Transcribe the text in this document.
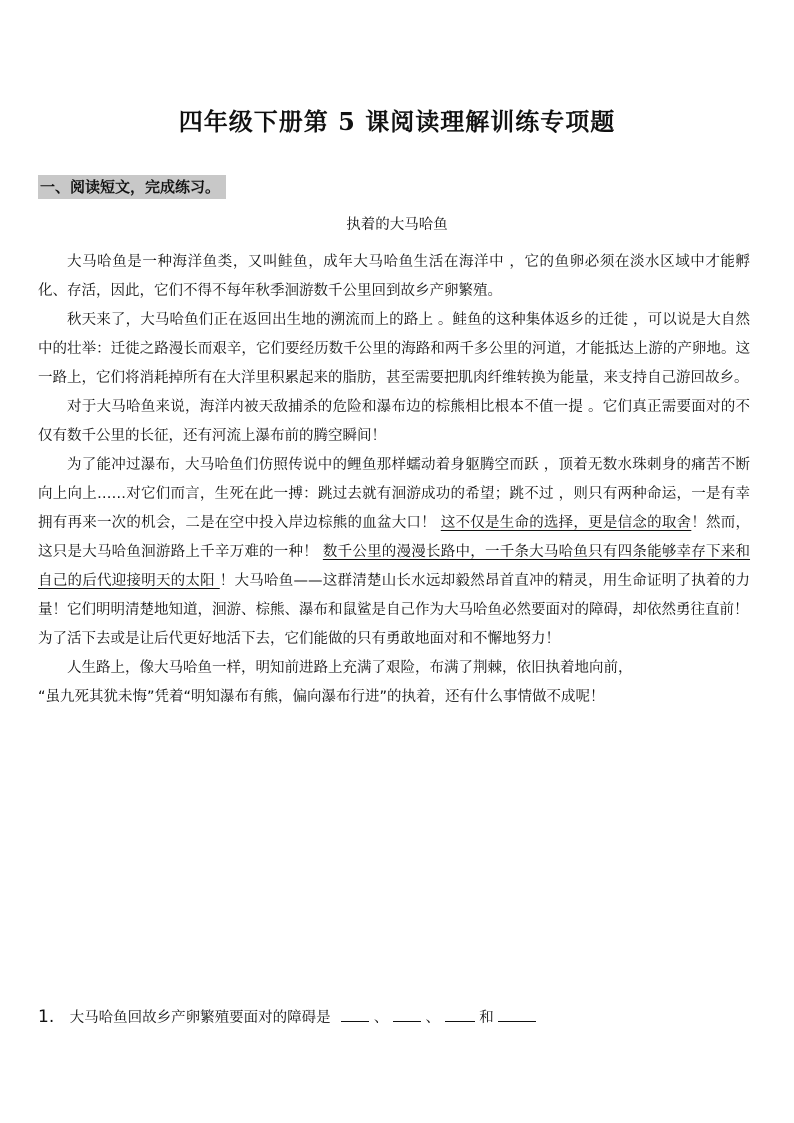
四年级下册第 5 课阅读理解训练专项题
一、阅读短文，完成练习。
执着的大马哈鱼

大马哈鱼是一种海洋鱼类，又叫鲑鱼，成年大马哈鱼生活在海洋中 ，它的鱼卵必须在淡水区域中才能孵化、存活，因此，它们不得不每年秋季洄游数千公里回到故乡产卵繁殖。

秋天来了，大马哈鱼们正在返回出生地的溯流而上的路上 。鲑鱼的这种集体返乡的迁徙 ，可以说是大自然中的壮举：迁徙之路漫长而艰辛，它们要经历数千公里的海路和两千多公里的河道，才能抵达上游的产卵地。这一路上，它们将消耗掉所有在大洋里积累起来的脂肪，甚至需要把肌肉纤维转换为能量，来支持自己游回故乡。

对于大马哈鱼来说，海洋内被天敌捕杀的危险和瀑布边的棕熊相比根本不值一提 。它们真正需要面对的不仅有数千公里的长征，还有河流上瀑布前的腾空瞬间！

为了能冲过瀑布，大马哈鱼们仿照传说中的鲤鱼那样蠕动着身躯腾空而跃 ，顶着无数水珠刺身的痛苦不断向上向上……对它们而言，生死在此一搏：跳过去就有洄游成功的希望；跳不过 ，则只有两种命运，一是有幸拥有再来一次的机会，二是在空中投入岸边棕熊的血盆大口！ 这不仅是生命的选择，更是信念的取舍！然而，这只是大马哈鱼洄游路上千辛万难的一种！ 数千公里的漫漫长路中，一千条大马哈鱼只有四条能够幸存下来和自己的后代迎接明天的太阳 ！大马哈鱼——这群清楚山长水远却毅然昂首直冲的精灵，用生命证明了执着的力量！它们明明清楚地知道，洄游、棕熊、瀑布和鼠鲨是自己作为大马哈鱼必然要面对的障碍，却依然勇往直前！

为了活下去或是让后代更好地活下去，它们能做的只有勇敢地面对和不懈地努力！

人生路上，像大马哈鱼一样，明知前进路上充满了艰险，布满了荆棘，依旧执着地向前，

“虽九死其犹未悔”凭着“明知瀑布有熊，偏向瀑布行进”的执着，还有什么事情做不成呢！

1. 大马哈鱼回故乡产卵繁殖要面对的障碍是	、	、	和
